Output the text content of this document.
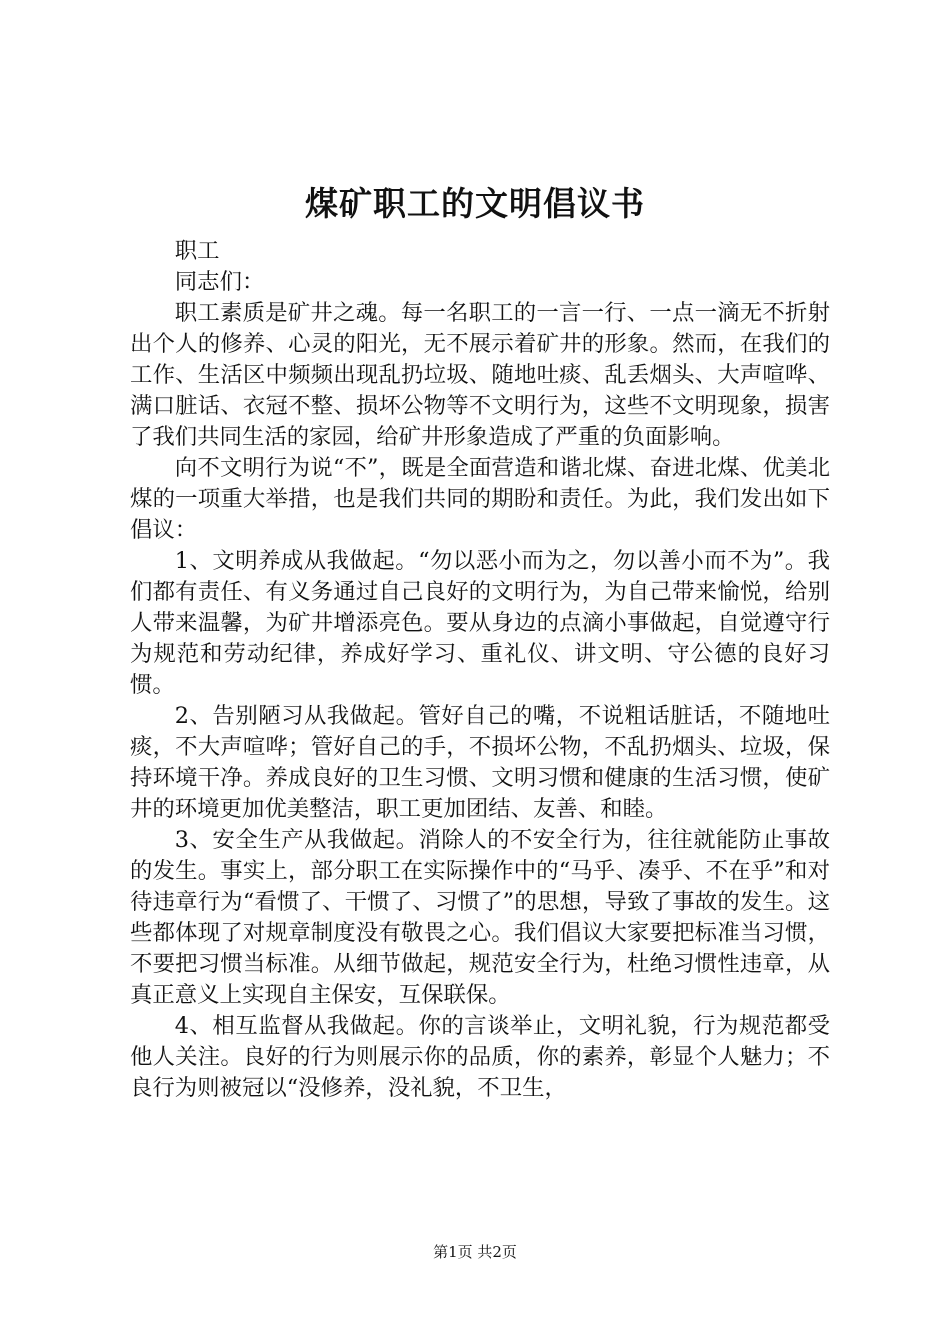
煤矿职工的文明倡议书

职工

同志们：

职工素质是矿井之魂。每一名职工的一言一行、一点一滴无不折射出个人的修养、心灵的阳光，无不展示着矿井的形象。然而，在我们的工作、生活区中频频出现乱扔垃圾、随地吐痰、乱丢烟头、大声喧哗、满口脏话、衣冠不整、损坏公物等不文明行为，这些不文明现象，损害了我们共同生活的家园，给矿井形象造成了严重的负面影响。

向不文明行为说“不”，既是全面营造和谐北煤、奋进北煤、优美北煤的一项重大举措，也是我们共同的期盼和责任。为此，我们发出如下倡议：

1、文明养成从我做起。“勿以恶小而为之，勿以善小而不为”。我们都有责任、有义务通过自己良好的文明行为，为自己带来愉悦，给别人带来温馨，为矿井增添亮色。要从身边的点滴小事做起，自觉遵守行为规范和劳动纪律，养成好学习、重礼仪、讲文明、守公德的良好习惯。

2、告别陋习从我做起。管好自己的嘴，不说粗话脏话，不随地吐痰，不大声喧哗；管好自己的手，不损坏公物，不乱扔烟头、垃圾，保持环境干净。养成良好的卫生习惯、文明习惯和健康的生活习惯，使矿井的环境更加优美整洁，职工更加团结、友善、和睦。

3、安全生产从我做起。消除人的不安全行为，往往就能防止事故的发生。事实上，部分职工在实际操作中的“马乎、凑乎、不在乎”和对待违章行为“看惯了、干惯了、习惯了”的思想，导致了事故的发生。这些都体现了对规章制度没有敬畏之心。我们倡议大家要把标准当习惯，不要把习惯当标准。从细节做起，规范安全行为，杜绝习惯性违章，从真正意义上实现自主保安，互保联保。

4、相互监督从我做起。你的言谈举止，文明礼貌，行为规范都受他人关注。良好的行为则展示你的品质，你的素养，彰显个人魅力；不良行为则被冠以“没修养，没礼貌，不卫生，

第1页 共2页
